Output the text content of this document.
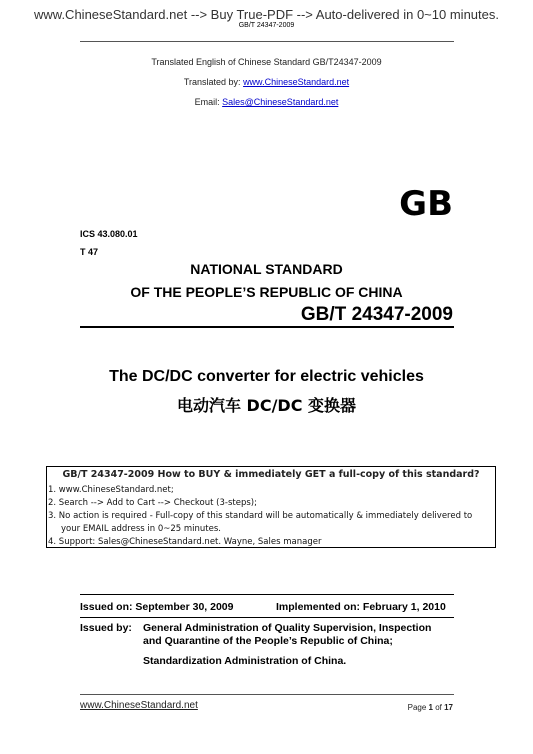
www.ChineseStandard.net --> Buy True-PDF --> Auto-delivered in 0~10 minutes.
GB/T 24347-2009
Translated English of Chinese Standard GB/T24347-2009
Translated by: www.ChineseStandard.net
Email: Sales@ChineseStandard.net
GB
ICS 43.080.01
T 47
NATIONAL STANDARD
OF THE PEOPLE’S REPUBLIC OF CHINA
GB/T 24347-2009
The DC/DC converter for electric vehicles
电动汽车 DC/DC 变换器
GB/T 24347-2009 How to BUY & immediately GET a full-copy of this standard?
1. www.ChineseStandard.net;
2. Search --> Add to Cart --> Checkout (3-steps);
3. No action is required - Full-copy of this standard will be automatically & immediately delivered to
your EMAIL address in 0~25 minutes.
4. Support: Sales@ChineseStandard.net. Wayne, Sales manager
Issued on: September 30, 2009	Implemented on: February 1, 2010
Issued by: General Administration of Quality Supervision, Inspection
and Quarantine of the People’s Republic of China;
Standardization Administration of China.
www.ChineseStandard.net	Page 1 of 17
